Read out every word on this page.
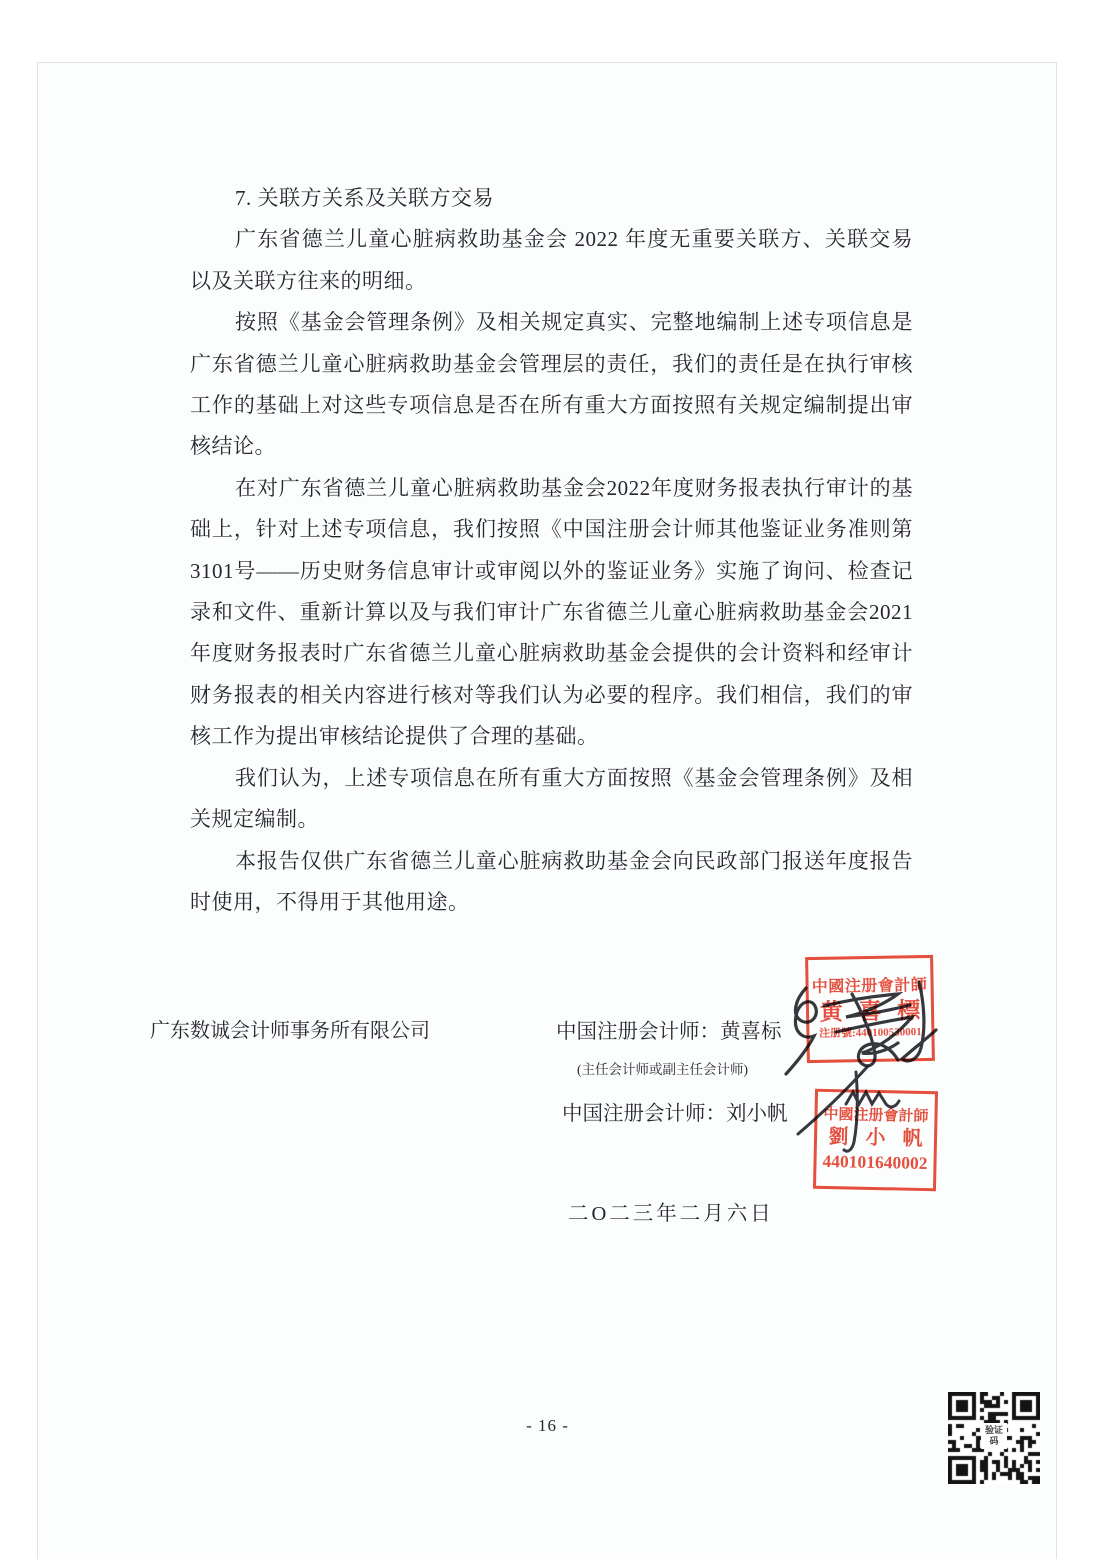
7. 关联方关系及关联方交易

广东省德兰儿童心脏病救助基金会 2022 年度无重要关联方、关联交易以及关联方往来的明细。

按照《基金会管理条例》及相关规定真实、完整地编制上述专项信息是广东省德兰儿童心脏病救助基金会管理层的责任，我们的责任是在执行审核工作的基础上对这些专项信息是否在所有重大方面按照有关规定编制提出审核结论。

在对广东省德兰儿童心脏病救助基金会2022年度财务报表执行审计的基础上，针对上述专项信息，我们按照《中国注册会计师其他鉴证业务准则第3101号——历史财务信息审计或审阅以外的鉴证业务》实施了询问、检查记录和文件、重新计算以及与我们审计广东省德兰儿童心脏病救助基金会2021年度财务报表时广东省德兰儿童心脏病救助基金会提供的会计资料和经审计财务报表的相关内容进行核对等我们认为必要的程序。我们相信，我们的审核工作为提出审核结论提供了合理的基础。

我们认为，上述专项信息在所有重大方面按照《基金会管理条例》及相关规定编制。

本报告仅供广东省德兰儿童心脏病救助基金会向民政部门报送年度报告时使用，不得用于其他用途。

广东数诚会计师事务所有限公司	中国注册会计师：黄喜标
(主任会计师或副主任会计师)
中国注册会计师：刘小帆
二O二三年二月六日
- 16 -
中國注册會計師
黄 喜 標
注册號:440100530001
中國注册會計師
劉 小 帆
440101640002
验证
码
